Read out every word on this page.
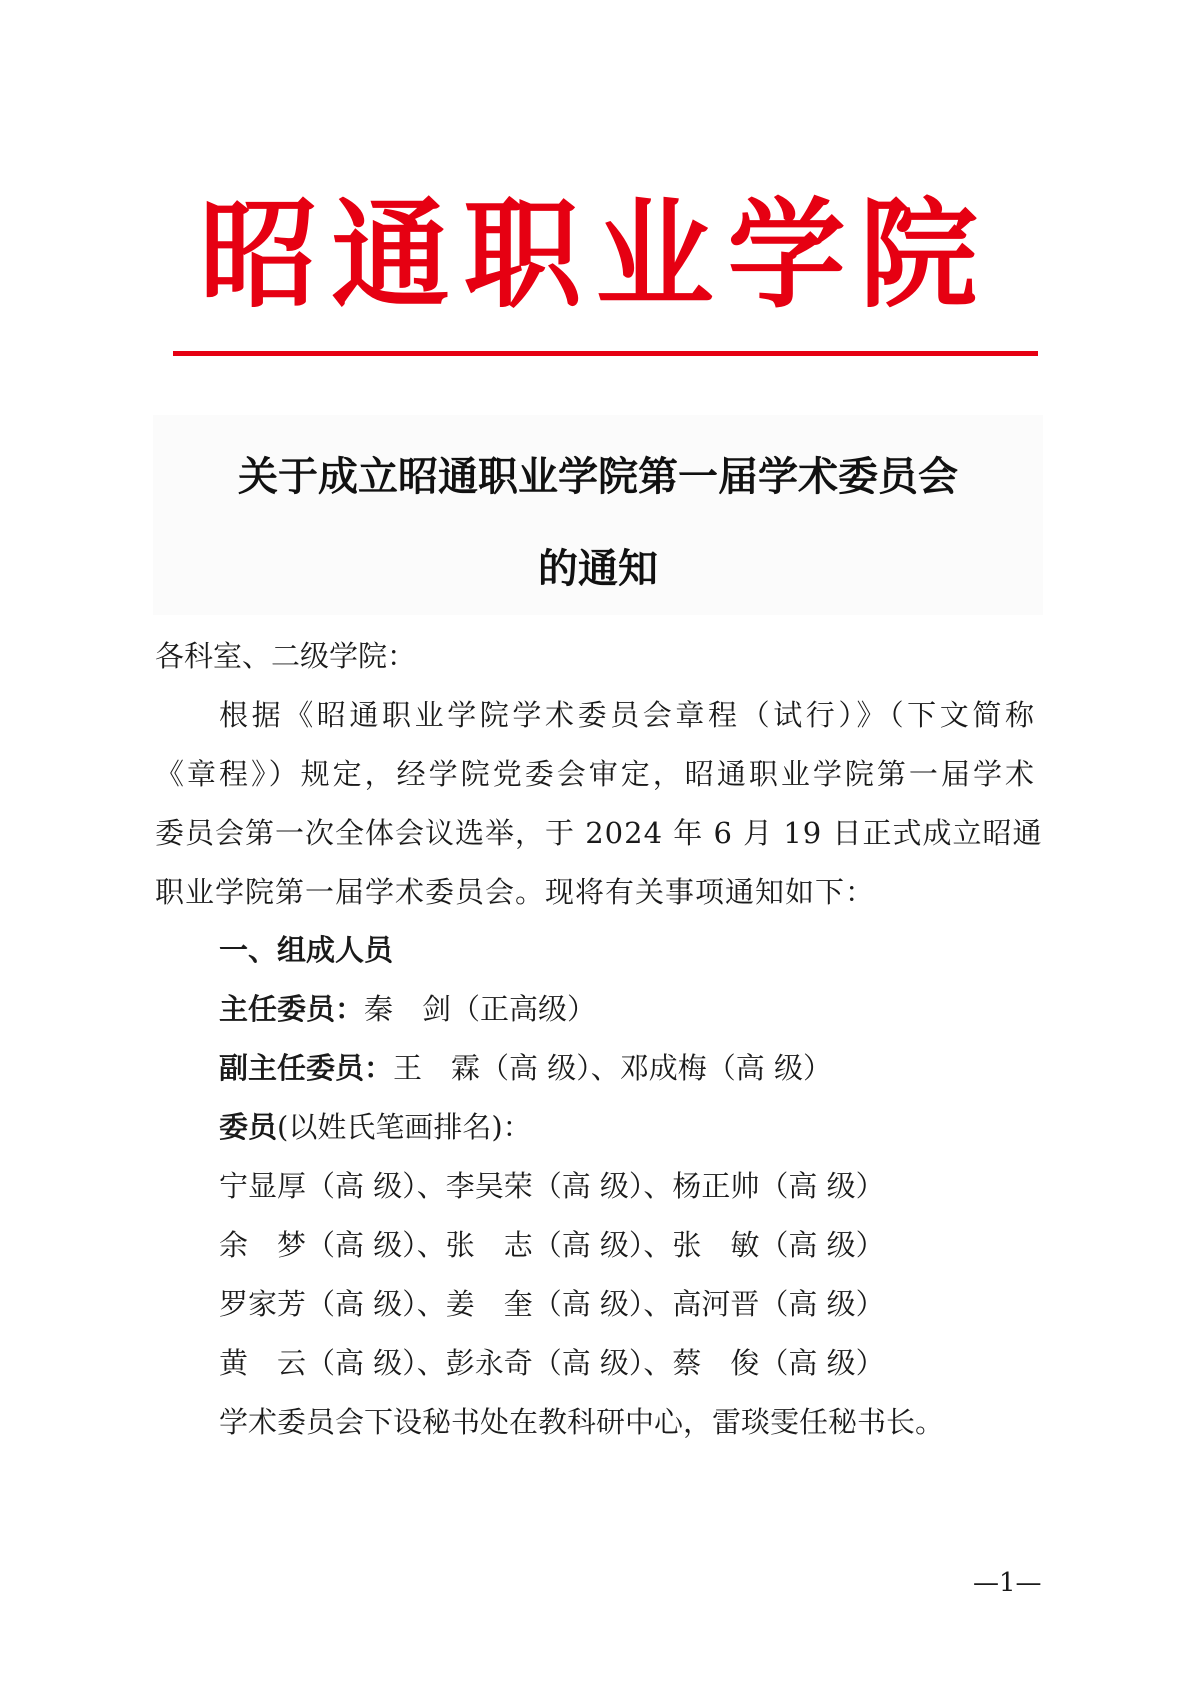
昭通职业学院
关于成立昭通职业学院第一届学术委员会
的通知
各科室、二级学院：
根据《昭通职业学院学术委员会章程（试行）》（下文简称
《章程》）规定，经学院党委会审定，昭通职业学院第一届学术
委员会第一次全体会议选举，于 2024 年 6 月 19 日正式成立昭通
职业学院第一届学术委员会。现将有关事项通知如下：
一、组成人员
主任委员：秦　剑（正高级）
副主任委员：王　霖（高 级）、邓成梅（高 级）
委员(以姓氏笔画排名)：
宁显厚（高 级）、李吴荣（高 级）、杨正帅（高 级）
余　梦（高 级）、张　志（高 级）、张　敏（高 级）
罗家芳（高 级）、姜　奎（高 级）、高河晋（高 级）
黄　云（高 级）、彭永奇（高 级）、蔡　俊（高 级）
学术委员会下设秘书处在教科研中心，雷琰雯任秘书长。
—1—
